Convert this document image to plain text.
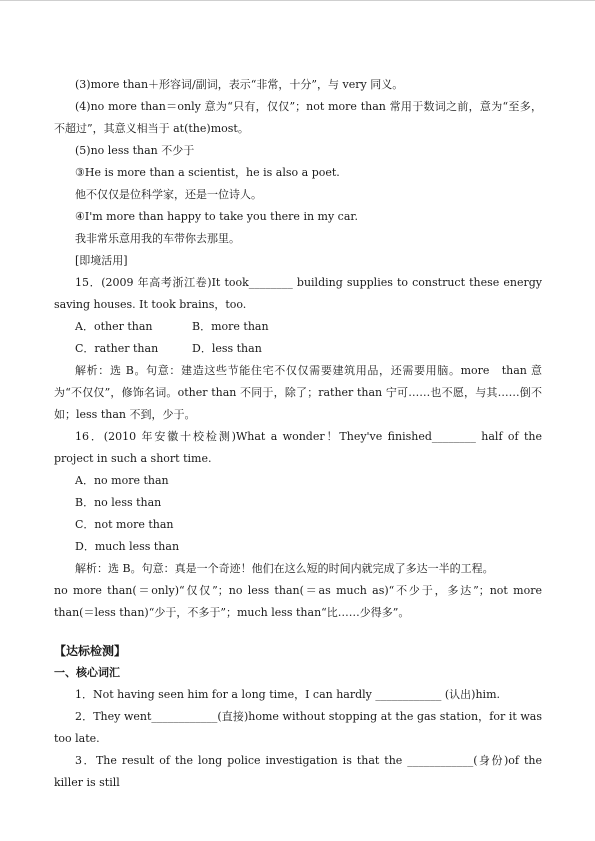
(3)more than＋形容词/副词，表示“非常，十分”，与 very 同义。

(4)no more than＝only 意为“只有，仅仅”；not more than 常用于数词之前，意为“至多，不超过”，其意义相当于 at(the)most。

(5)no less than 不少于

③He is more than a scientist，he is also a poet.

他不仅仅是位科学家，还是一位诗人。

④I'm more than happy to take you there in my car.

我非常乐意用我的车带你去那里。

[即境活用]

15．(2009 年高考浙江卷)It took________ building supplies to construct these energy　saving houses. It took brains，too.

A．other than	B．more than
C．rather than	D．less than

解析：选 B。句意：建造这些节能住宅不仅仅需要建筑用品，还需要用脑。more　than 意为“不仅仅”，修饰名词。other than 不同于，除了；rather than 宁可……也不愿，与其……倒不如；less than 不到，少于。

16．(2010 年安徽十校检测)What a wonder！They've finished________ half of the project in such a short time.

A．no more than

B．no less than

C．not more than

D．much less than

解析：选 B。句意：真是一个奇迹！他们在这么短的时间内就完成了多达一半的工程。

no more than(＝only)“仅仅”；no less than(＝as much as)“不少于，多达”；not more than(＝less than)“少于，不多于”；much less than“比……少得多”。

【达标检测】

一、核心词汇

1．Not having seen him for a long time，I can hardly ____________ (认出)him.

2．They went____________(直接)home without stopping at the gas station，for it was too late.

3．The result of the long police investigation is that the ____________(身份)of the killer is still
